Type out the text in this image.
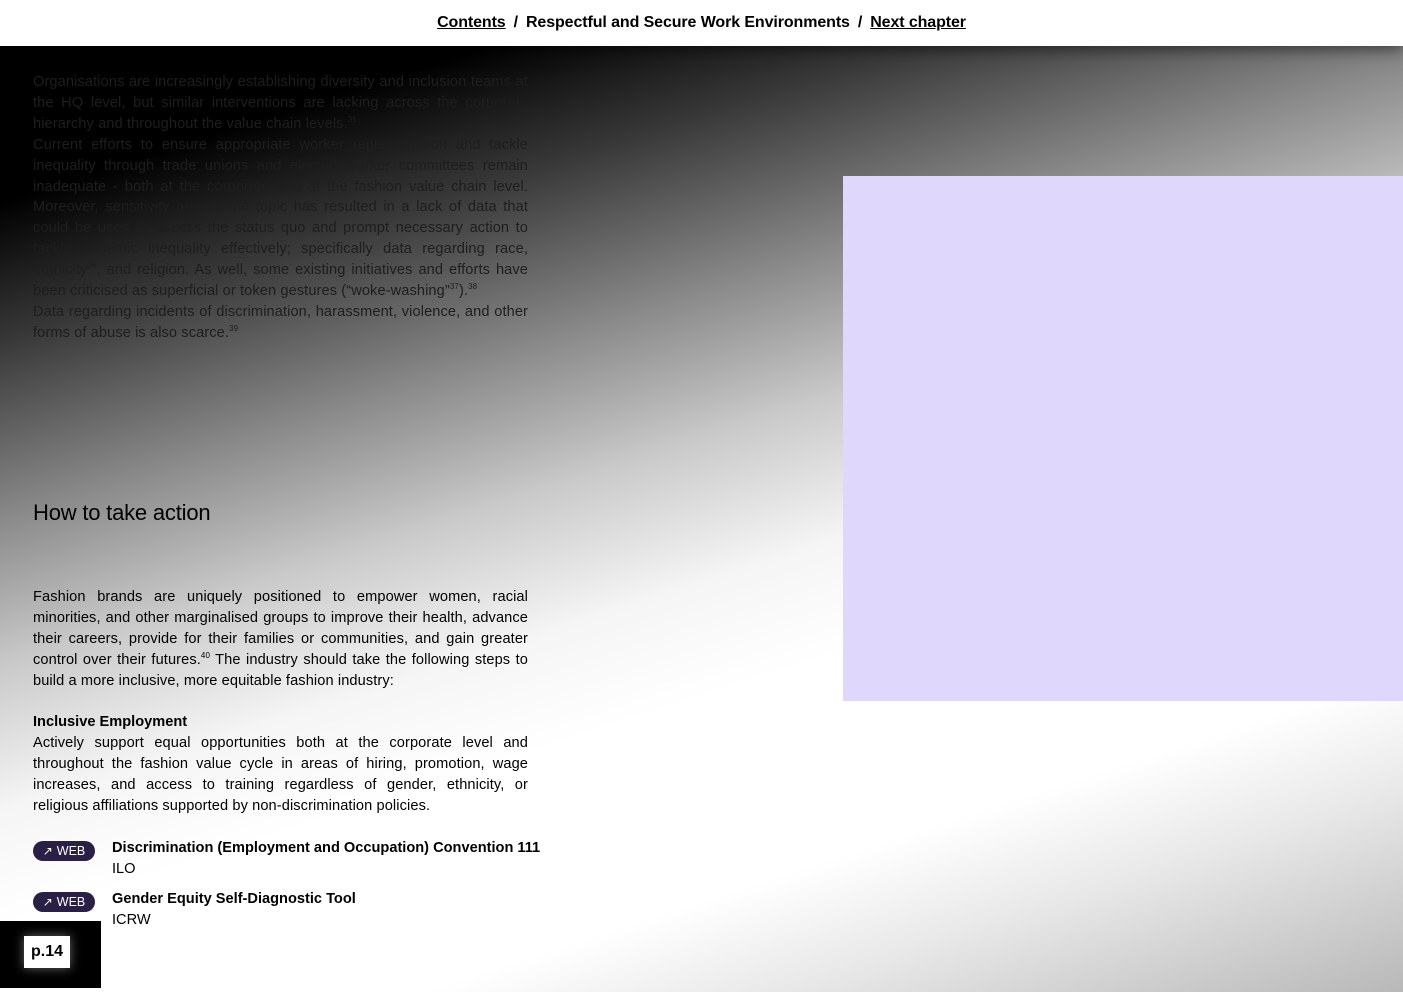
Contents / Respectful and Secure Work Environments / Next chapter

Organisations are increasingly establishing diversity and inclusion teams at the HQ level, but similar interventions are lacking across the corporate hierarchy and throughout the value chain levels.$^{35}$

Current efforts to ensure appropriate worker representation and tackle inequality through trade unions and elected worker committees remain inadequate - both at the corporate and at the fashion value chain level. Moreover, sensitivity around the topic has resulted in a lack of data that could be used to assess the status quo and prompt necessary action to tackle endemic inequality effectively; specifically data regarding race, ethnicity$^{36}$, and religion. As well, some existing initiatives and efforts have been criticised as superficial or token gestures (“woke-washing”$^{37}$).$^{38}$

Data regarding incidents of discrimination, harassment, violence, and other forms of abuse is also scarce.$^{39}$

How to take action

Fashion brands are uniquely positioned to empower women, racial minorities, and other marginalised groups to improve their health, advance their careers, provide for their families or communities, and gain greater control over their futures.$^{40}$ The industry should take the following steps to build a more inclusive, more equitable fashion industry:

Inclusive Employment

Actively support equal opportunities both at the corporate level and throughout the fashion value cycle in areas of hiring, promotion, wage increases, and access to training regardless of gender, ethnicity, or religious affiliations supported by non-discrimination policies.

↗ WEB Discrimination (Employment and Occupation) Convention 111
ILO
↗ WEB Gender Equity Self-Diagnostic Tool
ICRW
p.14
